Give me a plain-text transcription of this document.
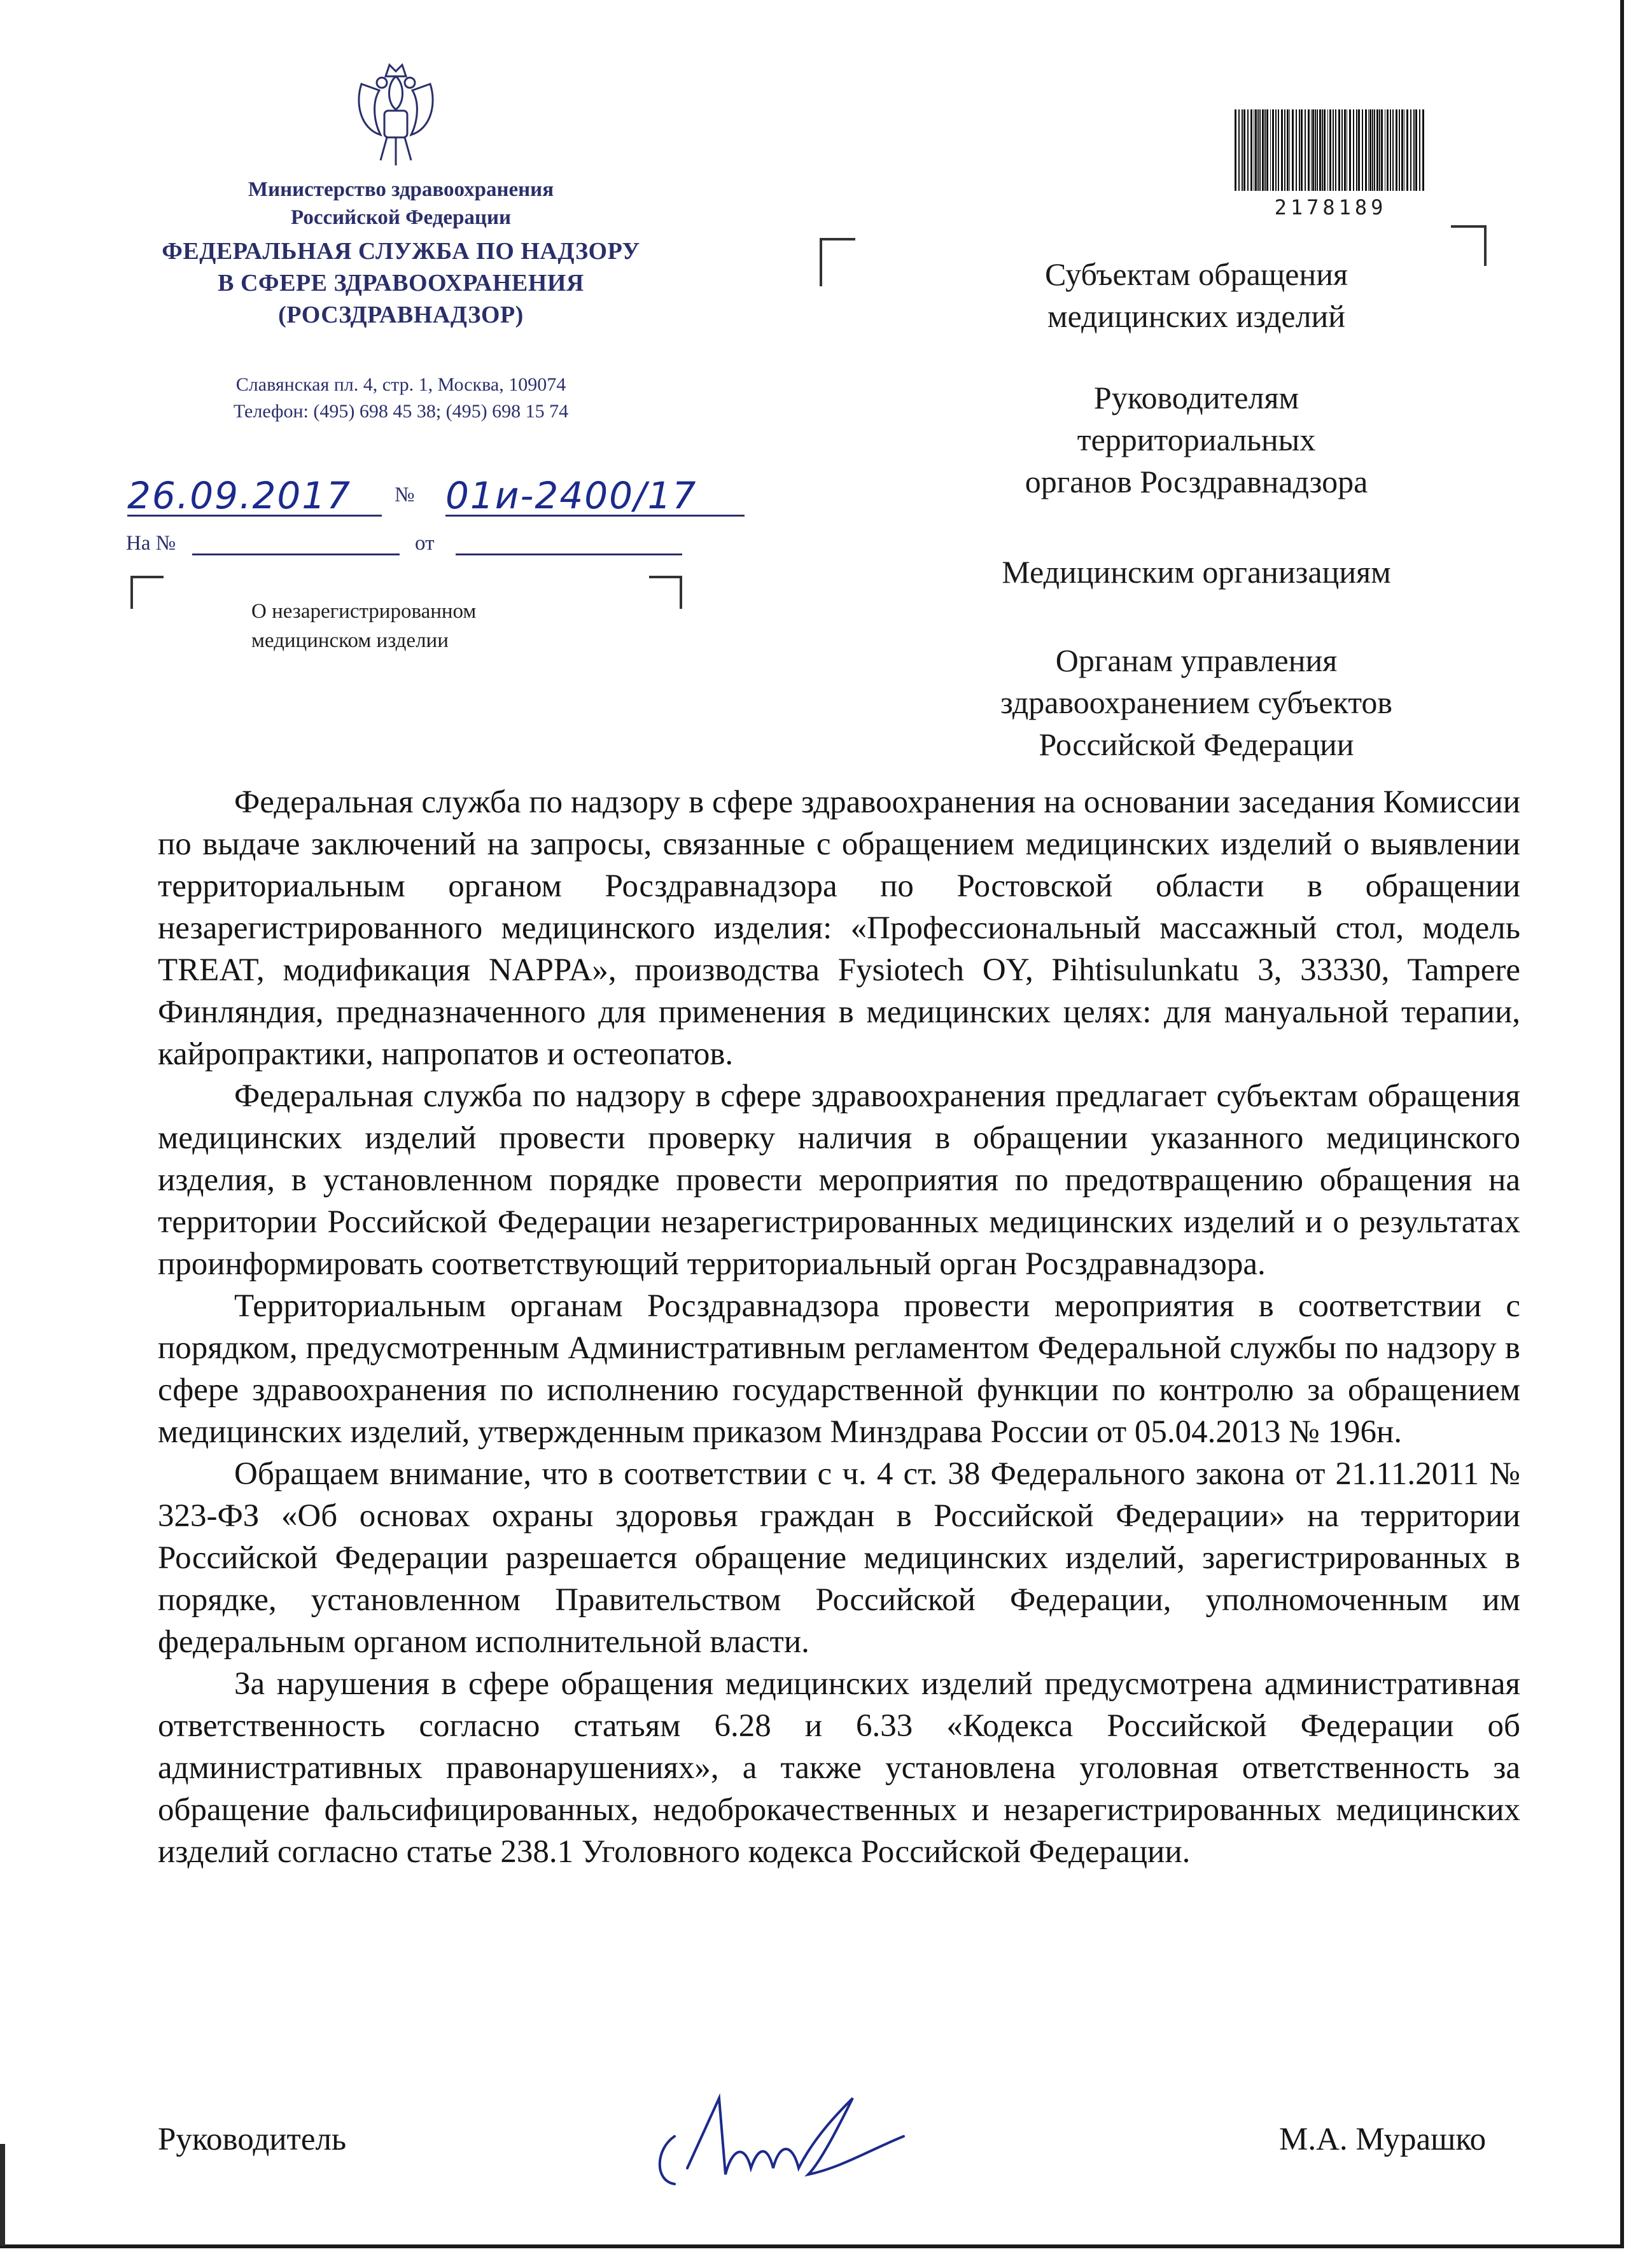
Министерство здравоохранения
Российской Федерации
ФЕДЕРАЛЬНАЯ СЛУЖБА ПО НАДЗОРУ
В СФЕРЕ ЗДРАВООХРАНЕНИЯ
(РОСЗДРАВНАДЗОР)
Славянская пл. 4, стр. 1, Москва, 109074
Телефон: (495) 698 45 38; (495) 698 15 74
26.09.2017	№ 01и-2400/17
На №	от
О незарегистрированном
медицинском изделии
2178189
Субъектам обращения
медицинских изделий
Руководителям
территориальных
органов Росздравнадзора
Медицинским организациям
Органам управления
здравоохранением субъектов
Российской Федерации

Федеральная служба по надзору в сфере здравоохранения на основании заседания Комиссии по выдаче заключений на запросы, связанные с обращением медицинских изделий о выявлении территориальным органом Росздравнадзора по Ростовской области в обращении незарегистрированного медицинского изделия: «Профессиональный массажный стол, модель TREAT, модификация NAPPA», производства Fysiotech OY, Pihtisulunkatu 3, 33330, Tampere Финляндия, предназначенного для применения в медицинских целях: для мануальной терапии, кайропрактики, напропатов и остеопатов.

Федеральная служба по надзору в сфере здравоохранения предлагает субъектам обращения медицинских изделий провести проверку наличия в обращении указанного медицинского изделия, в установленном порядке провести мероприятия по предотвращению обращения на территории Российской Федерации незарегистрированных медицинских изделий и о результатах проинформировать соответствующий территориальный орган Росздравнадзора.

Территориальным органам Росздравнадзора провести мероприятия в соответствии с порядком, предусмотренным Административным регламентом Федеральной службы по надзору в сфере здравоохранения по исполнению государственной функции по контролю за обращением медицинских изделий, утвержденным приказом Минздрава России от 05.04.2013 № 196н.

Обращаем внимание, что в соответствии с ч. 4 ст. 38 Федерального закона от 21.11.2011 № 323-ФЗ «Об основах охраны здоровья граждан в Российской Федерации» на территории Российской Федерации разрешается обращение медицинских изделий, зарегистрированных в порядке, установленном Правительством Российской Федерации, уполномоченным им федеральным органом исполнительной власти.

За нарушения в сфере обращения медицинских изделий предусмотрена административная ответственность согласно статьям 6.28 и 6.33 «Кодекса Российской Федерации об административных правонарушениях», а также установлена уголовная ответственность за обращение фальсифицированных, недоброкачественных и незарегистрированных медицинских изделий согласно статье 238.1 Уголовного кодекса Российской Федерации.

Руководитель	М.А. Мурашко
